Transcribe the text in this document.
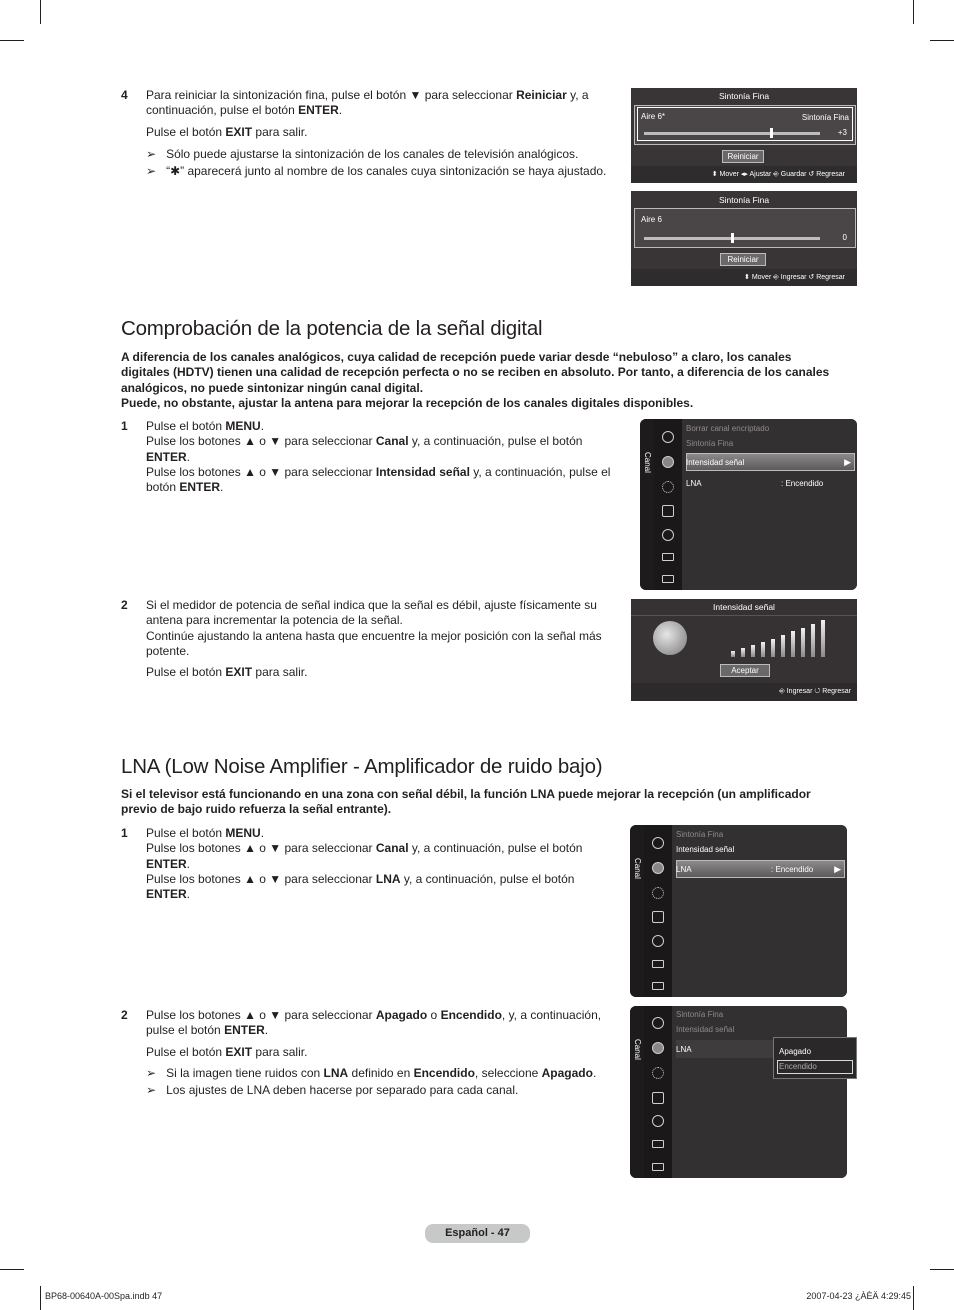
4 Para reiniciar la sintonización fina, pulse el botón ▼ para seleccionar Reiniciar y, a
continuación, pulse el botón ENTER.
Pulse el botón EXIT para salir.
➢ Sólo puede ajustarse la sintonización de los canales de televisión analógicos.
➢ “✱” aparecerá junto al nombre de los canales cuya sintonización se haya ajustado.
Sintonía Fina
Aire 6*	Sintonía Fina
+3
Reiniciar
⬍ Mover ◂▸ Ajustar ⎆ Guardar ↺ Regresar
Sintonía Fina
Aire 6
0
Reiniciar
⬍ Mover ⎆ Ingresar ↺ Regresar
Comprobación de la potencia de la señal digital
A diferencia de los canales analógicos, cuya calidad de recepción puede variar desde “nebuloso” a claro, los canales
digitales (HDTV) tienen una calidad de recepción perfecta o no se reciben en absoluto. Por tanto, a diferencia de los canales
analógicos, no puede sintonizar ningún canal digital.
Puede, no obstante, ajustar la antena para mejorar la recepción de los canales digitales disponibles.
1 Pulse el botón MENU.
Pulse los botones ▲ o ▼ para seleccionar Canal y, a continuación, pulse el botón
ENTER.
Pulse los botones ▲ o ▼ para seleccionar Intensidad señal y, a continuación, pulse el
botón ENTER.
Canal
Borrar canal encriptado
Sintonía Fina
Intensidad señal	▶
LNA	: Encendido
2 Si el medidor de potencia de señal indica que la señal es débil, ajuste físicamente su
antena para incrementar la potencia de la señal.
Continúe ajustando la antena hasta que encuentre la mejor posición con la señal más
potente.
Pulse el botón EXIT para salir.
Intensidad señal
Aceptar
⎆ Ingresar ↺ Regresar
LNA (Low Noise Amplifier - Amplificador de ruido bajo)
Si el televisor está funcionando en una zona con señal débil, la función LNA puede mejorar la recepción (un amplificador
previo de bajo ruido refuerza la señal entrante).
1 Pulse el botón MENU.
Pulse los botones ▲ o ▼ para seleccionar Canal y, a continuación, pulse el botón
ENTER.
Pulse los botones ▲ o ▼ para seleccionar LNA y, a continuación, pulse el botón
ENTER.
Canal
Sintonía Fina
Intensidad señal
LNA	: Encendido ▶
2 Pulse los botones ▲ o ▼ para seleccionar Apagado o Encendido, y, a continuación,
pulse el botón ENTER.
Pulse el botón EXIT para salir.
➢ Si la imagen tiene ruidos con LNA definido en Encendido, seleccione Apagado.
➢ Los ajustes de LNA deben hacerse por separado para cada canal.
Canal
Sintonía Fina
Intensidad señal
LNA	Apagado
Encendido
Español - 47
BP68-00640A-00Spa.indb 47	2007-04-23 ¿ÀÈÄ 4:29:45
